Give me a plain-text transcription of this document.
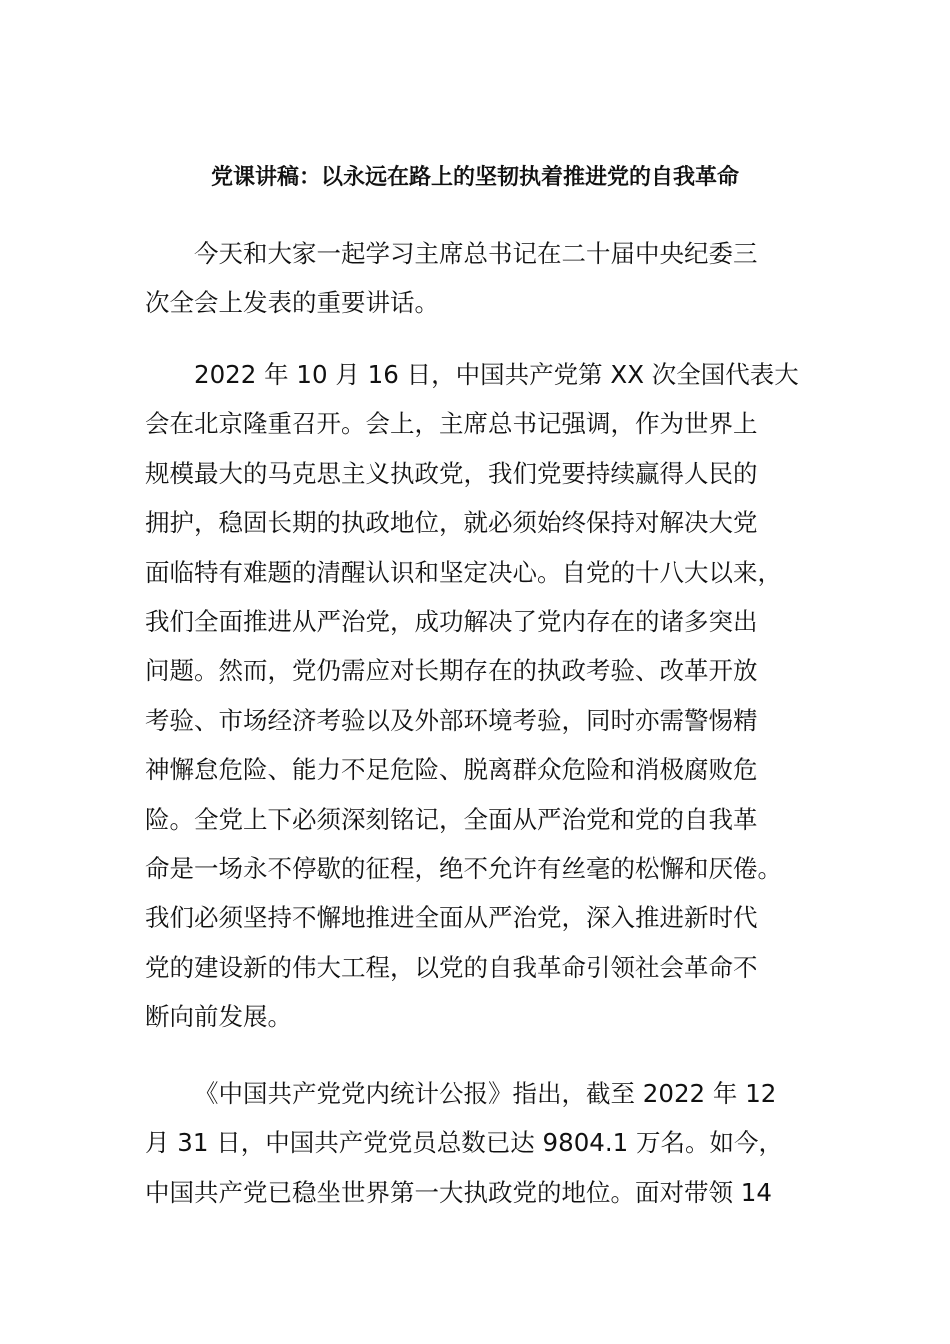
党课讲稿：以永远在路上的坚韧执着推进党的自我革命
今天和大家一起学习主席总书记在二十届中央纪委三
次全会上发表的重要讲话。
2022 年 10 月 16 日，中国共产党第 XX 次全国代表大
会在北京隆重召开。会上，主席总书记强调，作为世界上
规模最大的马克思主义执政党，我们党要持续赢得人民的
拥护，稳固长期的执政地位，就必须始终保持对解决大党
面临特有难题的清醒认识和坚定决心。自党的十八大以来，
我们全面推进从严治党，成功解决了党内存在的诸多突出
问题。然而，党仍需应对长期存在的执政考验、改革开放
考验、市场经济考验以及外部环境考验，同时亦需警惕精
神懈怠危险、能力不足危险、脱离群众危险和消极腐败危
险。全党上下必须深刻铭记，全面从严治党和党的自我革
命是一场永不停歇的征程，绝不允许有丝毫的松懈和厌倦。
我们必须坚持不懈地推进全面从严治党，深入推进新时代
党的建设新的伟大工程，以党的自我革命引领社会革命不
断向前发展。
《中国共产党党内统计公报》指出，截至 2022 年 12
月 31 日，中国共产党党员总数已达 9804.1 万名。如今，
中国共产党已稳坐世界第一大执政党的地位。面对带领 14
